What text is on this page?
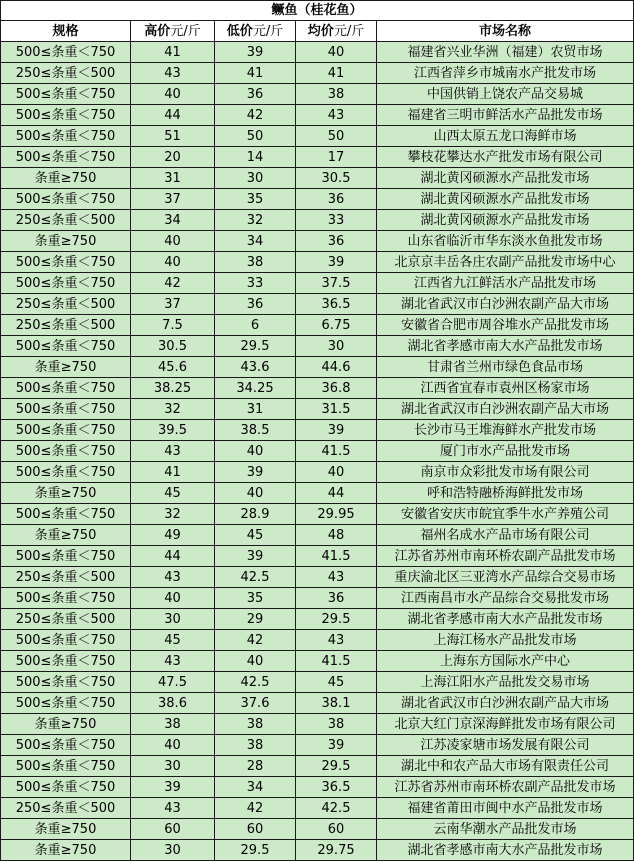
鳜鱼（桂花鱼）				
规格	高价元/斤	低价元/斤	均价元/斤	市场名称
500≤条重＜750	41	39	40	福建省兴业华洲（福建）农贸市场
250≤条重＜500	43	41	41	江西省萍乡市城南水产批发市场
500≤条重＜750	40	36	38	中国供销上饶农产品交易城
500≤条重＜750	44	42	43	福建省三明市鲜活水产品批发市场
500≤条重＜750	51	50	50	山西太原五龙口海鲜市场
500≤条重＜750	20	14	17	攀枝花攀达水产批发市场有限公司
条重≥750	31	30	30.5	湖北黄冈硕源水产品批发市场
500≤条重＜750	37	35	36	湖北黄冈硕源水产品批发市场
250≤条重＜500	34	32	33	湖北黄冈硕源水产品批发市场
条重≥750	40	34	36	山东省临沂市华东淡水鱼批发市场
500≤条重＜750	40	38	39	北京京丰岳各庄农副产品批发市场中心
500≤条重＜750	42	33	37.5	江西省九江鲜活水产品批发市场
250≤条重＜500	37	36	36.5	湖北省武汉市白沙洲农副产品大市场
250≤条重＜500	7.5	6	6.75	安徽省合肥市周谷堆水产品批发市场
500≤条重＜750	30.5	29.5	30	湖北省孝感市南大水产品批发市场
条重≥750	45.6	43.6	44.6	甘肃省兰州市绿色食品市场
500≤条重＜750	38.25	34.25	36.8	江西省宜春市袁州区杨家市场
500≤条重＜750	32	31	31.5	湖北省武汉市白沙洲农副产品大市场
500≤条重＜750	39.5	38.5	39	长沙市马王堆海鲜水产批发市场
500≤条重＜750	43	40	41.5	厦门市水产品批发市场
500≤条重＜750	41	39	40	南京市众彩批发市场有限公司
条重≥750	45	40	44	呼和浩特融桥海鲜批发市场
500≤条重＜750	32	28.9	29.95	安徽省安庆市皖宜季牛水产养殖公司
条重≥750	49	45	48	福州名成水产品市场有限公司
500≤条重＜750	44	39	41.5	江苏省苏州市南环桥农副产品批发市场
250≤条重＜500	43	42.5	43	重庆渝北区三亚湾水产品综合交易市场
500≤条重＜750	40	35	36	江西南昌市水产品综合交易批发市场
250≤条重＜500	30	29	29.5	湖北省孝感市南大水产品批发市场
500≤条重＜750	45	42	43	上海江杨水产品批发市场
500≤条重＜750	43	40	41.5	上海东方国际水产中心
500≤条重＜750	47.5	42.5	45	上海江阳水产品批发交易市场
500≤条重＜750	38.6	37.6	38.1	湖北省武汉市白沙洲农副产品大市场
条重≥750	38	38	38	北京大红门京深海鲜批发市场有限公司
500≤条重＜750	40	38	39	江苏凌家塘市场发展有限公司
500≤条重＜750	30	28	29.5	湖北中和农产品大市场有限责任公司
500≤条重＜750	39	34	36.5	江苏省苏州市南环桥农副产品批发市场
250≤条重＜500	43	42	42.5	福建省莆田市闽中水产品批发市场
条重≥750	60	60	60	云南华潮水产品批发市场
条重≥750	30	29.5	29.75	湖北省孝感市南大水产品批发市场
